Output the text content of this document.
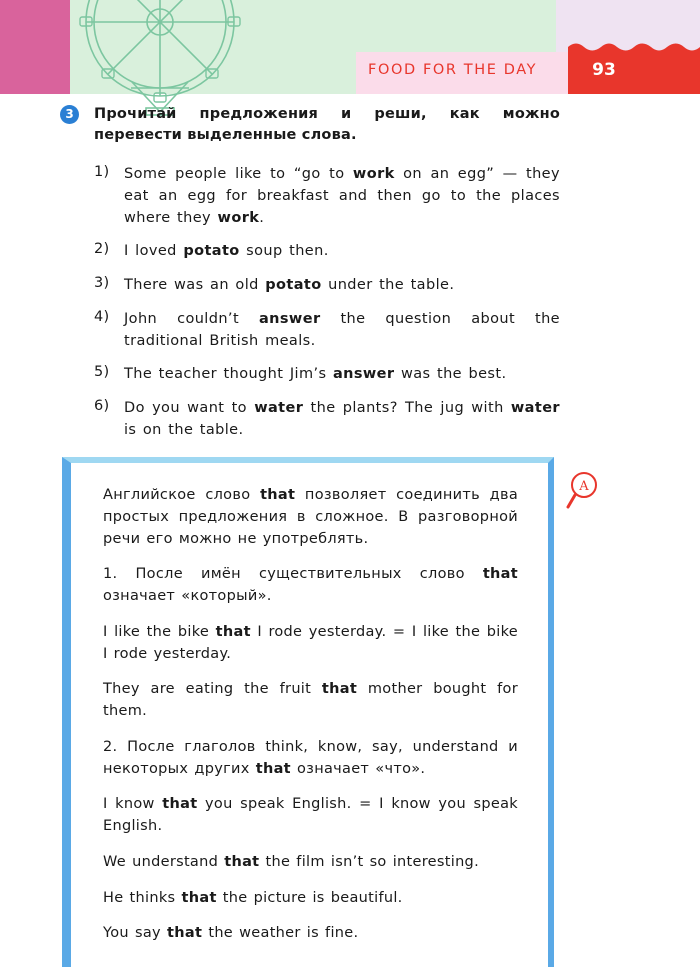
FOOD FOR THE DAY	93
3	Прочитай предложения и реши, как можно перевести выделенные слова.

1)	Some people like to “go to work on an egg” — they eat an egg for breakfast and then go to the places where they work.
2)	I loved potato soup then.
3)	There was an old potato under the table.
4)	John couldn’t answer the question about the traditional British meals.
5)	The teacher thought Jim’s answer was the best.
6)	Do you want to water the plants? The jug with water is on the table.

Английское слово that позволяет соединить два простых предложения в сложное. В разговорной речи его можно не употреблять.

1. После имён существительных слово that означает «который».

I like the bike that I rode yesterday. = I like the bike I rode yesterday.

They are eating the fruit that mother bought for them.

2. После глаголов think, know, say, understand и некоторых других that означает «что».

I know that you speak English. = I know you speak English.

We understand that the film isn’t so interesting.

He thinks that the picture is beautiful.

You say that the weather is fine.

A
